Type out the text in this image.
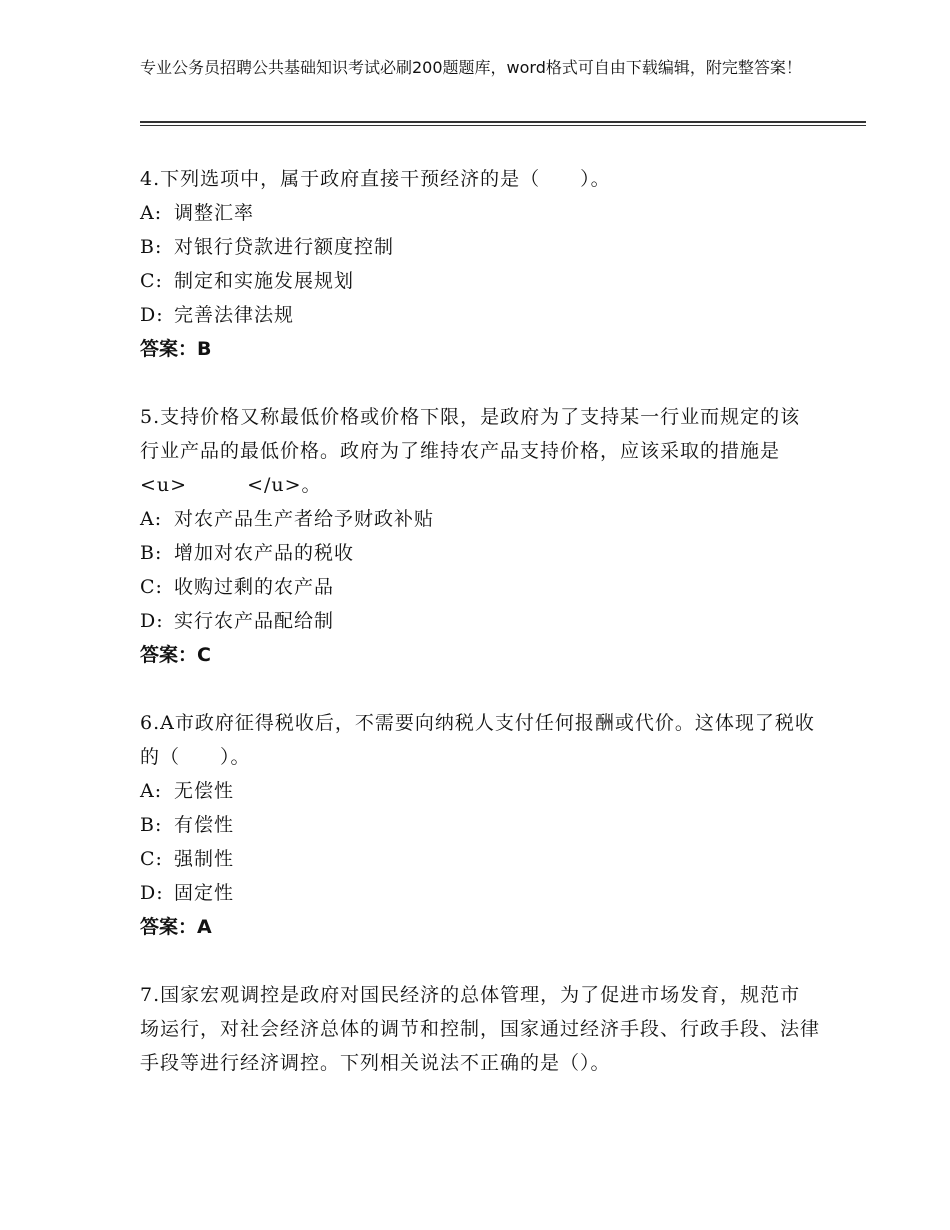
专业公务员招聘公共基础知识考试必刷200题题库，word格式可自由下载编辑，附完整答案！

4.下列选项中，属于政府直接干预经济的是（　　）。

A: 调整汇率

B: 对银行贷款进行额度控制

C: 制定和实施发展规划

D: 完善法律法规

答案：B

5.支持价格又称最低价格或价格下限，是政府为了支持某一行业而规定的该行业产品的最低价格。政府为了维持农产品支持价格，应该采取的措施是<u>　　　</u>。

A: 对农产品生产者给予财政补贴

B: 增加对农产品的税收

C: 收购过剩的农产品

D: 实行农产品配给制

答案：C

6.A市政府征得税收后，不需要向纳税人支付任何报酬或代价。这体现了税收的（　　）。

A: 无偿性

B: 有偿性

C: 强制性

D: 固定性

答案：A

7.国家宏观调控是政府对国民经济的总体管理，为了促进市场发育，规范市场运行，对社会经济总体的调节和控制，国家通过经济手段、行政手段、法律手段等进行经济调控。下列相关说法不正确的是（）。
